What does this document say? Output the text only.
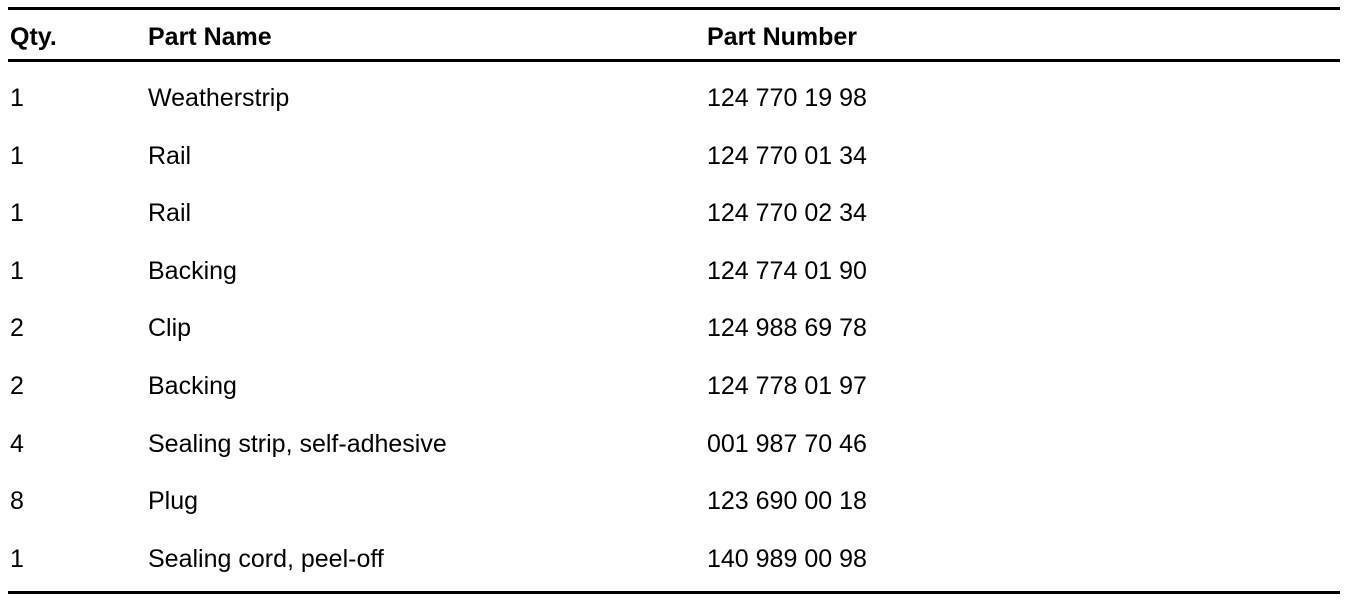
Qty.	Part Name	Part Number
1	Weatherstrip	124 770 19 98
1	Rail	124 770 01 34
1	Rail	124 770 02 34
1	Backing	124 774 01 90
2	Clip	124 988 69 78
2	Backing	124 778 01 97
4	Sealing strip, self-adhesive	001 987 70 46
8	Plug	123 690 00 18
1	Sealing cord, peel-off	140 989 00 98
